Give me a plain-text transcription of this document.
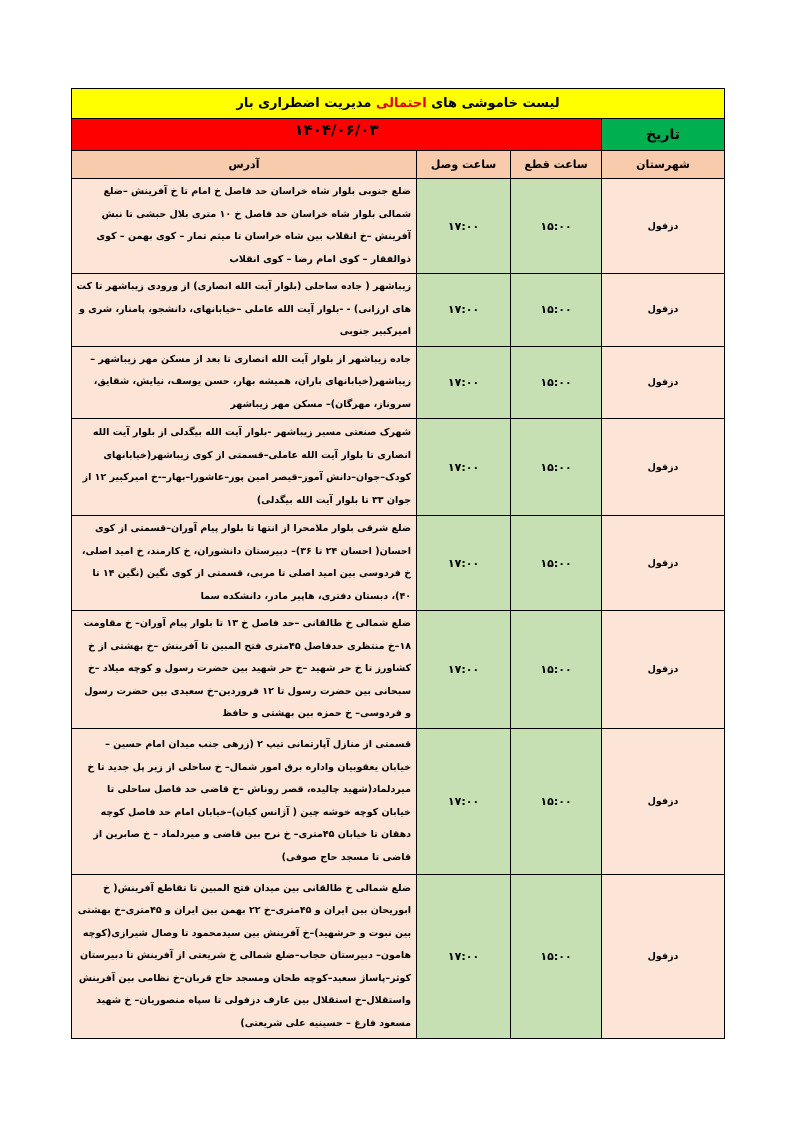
لیست خاموشی های احتمالی مدیریت اضطراری بار			
تاریخ	۱۴۰۴/۰۶/۰۳		
شهرستان	ساعت قطع	ساعت وصل	آدرس
دزفول	۱۵:۰۰	۱۷:۰۰	ضلع جنوبی بلوار شاه خراسان حد فاصل خ امام تا خ آفرینش –ضلع شمالی بلوار شاه خراسان حد فاصل خ ۱۰ متری بلال حبشی تا نبش آفرینش –خ انقلاب بین شاه خراسان تا میثم تمار – کوی بهمن – کوی ذوالفقار – کوی امام رضا – کوی انقلاب
دزفول	۱۵:۰۰	۱۷:۰۰	زیباشهر ( جاده ساحلی (بلوار آیت الله انصاری) از ورودی زیباشهر تا کت های ارزانی) - -بلوار آیت الله عاملی –خیابانهای، دانشجو، پامنار، شری و امیرکبیر جنوبی
دزفول	۱۵:۰۰	۱۷:۰۰	جاده زیباشهر از بلوار آیت الله انصاری تا بعد از مسکن مهر زیباشهر – زیباشهر(خیابانهای باران، همیشه بهار، حسن یوسف، نیایش، شقایق، سروناز، مهرگان)– مسکن مهر زیباشهر
دزفول	۱۵:۰۰	۱۷:۰۰	شهرک صنعتی مسیر زیباشهر -بلوار آیت الله بیگدلی از بلوار آیت الله انصاری تا بلوار آیت الله عاملی–قسمتی از کوی زیباشهر(خیابانهای کودک–جوان–دانش آموز–قیصر امین پور–عاشورا–بهار–-خ امیرکبیر ۱۲ از جوان ۳۳ تا بلوار آیت الله بیگدلی)
دزفول	۱۵:۰۰	۱۷:۰۰	ضلع شرقی بلوار ملامحرا از انتها تا بلوار پیام آوران–قسمتی از کوی احسان( احسان ۲۴ تا ۳۶)– دبیرستان دانشوران، خ کارمند، خ امید اصلی، خ فردوسی بین امید اصلی تا مربی، قسمتی از کوی نگین (نگین ۱۴ تا ۴۰)، دبستان دفتری، هاپیر مادر، دانشکده سما
دزفول	۱۵:۰۰	۱۷:۰۰	ضلع شمالی خ طالقانی –حد فاصل خ ۱۳ تا بلوار پیام آوران– خ مقاومت ۱۸–خ منتظری حدفاصل ۴۵متری فتح المبین تا آفرینش –خ بهشتی از خ کشاورز تا خ حر شهید –خ حر شهید بین حضرت رسول و کوچه میلاد –خ سبحانی بین حضرت رسول تا ۱۲ فروردین–خ سعیدی بین حضرت رسول و فردوسی– خ حمزه بین بهشتی و حافظ
دزفول	۱۵:۰۰	۱۷:۰۰	قسمتی از منازل آپارتمانی تیپ ۲ (زرهی جنب میدان امام حسین –خیابان یعقوبیان واداره برق امور شمال– خ ساحلی از زیر پل جدید تا خ میردلماد(شهید چالیده، قصر روناش –خ قاضی حد فاصل ساحلی تا خیابان کوچه خوشه چین ( آژانس کیان)–خیابان امام حد فاصل کوچه دهقان تا خیابان ۴۵متری– خ نرح بین قاضی و میردلماد – خ صابرین از قاضی تا مسجد حاج صوفی)
دزفول	۱۵:۰۰	۱۷:۰۰	ضلع شمالی خ طالقانی بین میدان فتح المبین تا تقاطع آفرینش( خ ابوریحان بین ایران و ۴۵متری–خ ۲۲ بهمن بین ایران و ۴۵متری–خ بهشتی بین نبوت و حرشهید)–خ آفرینش بین سیدمحمود تا وصال شیرازی(کوچه هامون– دبیرستان حجاب–ضلع شمالی خ شریعتی از آفرینش تا دبیرستان کوثر–پاساژ سعید–کوچه طحان ومسجد حاج قربان–خ نظامی بین آفرینش واستقلال–خ استقلال بین عارف دزفولی تا سپاه منصوریان– خ شهید مسعود فارغ – حسینیه علی شریعتی)
